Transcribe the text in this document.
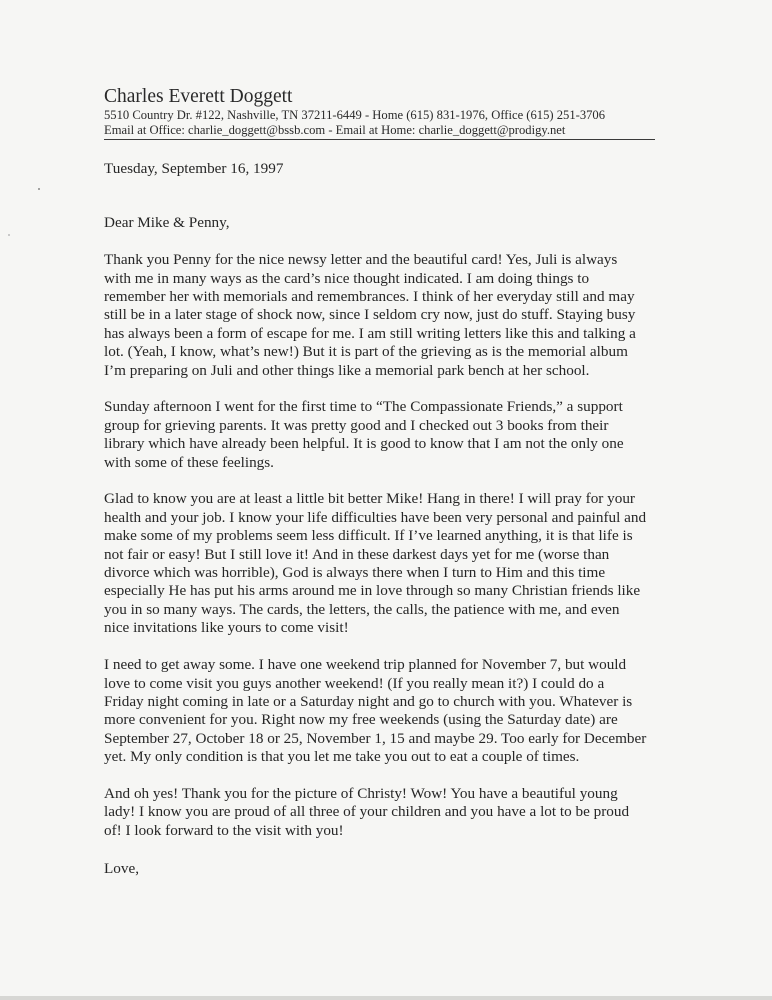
Charles Everett Doggett
5510 Country Dr. #122, Nashville, TN 37211-6449 - Home (615) 831-1976, Office (615) 251-3706
Email at Office: charlie_doggett@bssb.com - Email at Home: charlie_doggett@prodigy.net
Tuesday, September 16, 1997
Dear Mike & Penny,
Thank you Penny for the nice newsy letter and the beautiful card! Yes, Juli is always
with me in many ways as the card’s nice thought indicated. I am doing things to
remember her with memorials and remembrances. I think of her everyday still and may
still be in a later stage of shock now, since I seldom cry now, just do stuff. Staying busy
has always been a form of escape for me. I am still writing letters like this and talking a
lot. (Yeah, I know, what’s new!) But it is part of the grieving as is the memorial album
I’m preparing on Juli and other things like a memorial park bench at her school.
Sunday afternoon I went for the first time to “The Compassionate Friends,” a support
group for grieving parents. It was pretty good and I checked out 3 books from their
library which have already been helpful. It is good to know that I am not the only one
with some of these feelings.
Glad to know you are at least a little bit better Mike! Hang in there! I will pray for your
health and your job. I know your life difficulties have been very personal and painful and
make some of my problems seem less difficult. If I’ve learned anything, it is that life is
not fair or easy! But I still love it! And in these darkest days yet for me (worse than
divorce which was horrible), God is always there when I turn to Him and this time
especially He has put his arms around me in love through so many Christian friends like
you in so many ways. The cards, the letters, the calls, the patience with me, and even
nice invitations like yours to come visit!
I need to get away some. I have one weekend trip planned for November 7, but would
love to come visit you guys another weekend! (If you really mean it?) I could do a
Friday night coming in late or a Saturday night and go to church with you. Whatever is
more convenient for you. Right now my free weekends (using the Saturday date) are
September 27, October 18 or 25, November 1, 15 and maybe 29. Too early for December
yet. My only condition is that you let me take you out to eat a couple of times.
And oh yes! Thank you for the picture of Christy! Wow! You have a beautiful young
lady! I know you are proud of all three of your children and you have a lot to be proud
of! I look forward to the visit with you!
Love,
